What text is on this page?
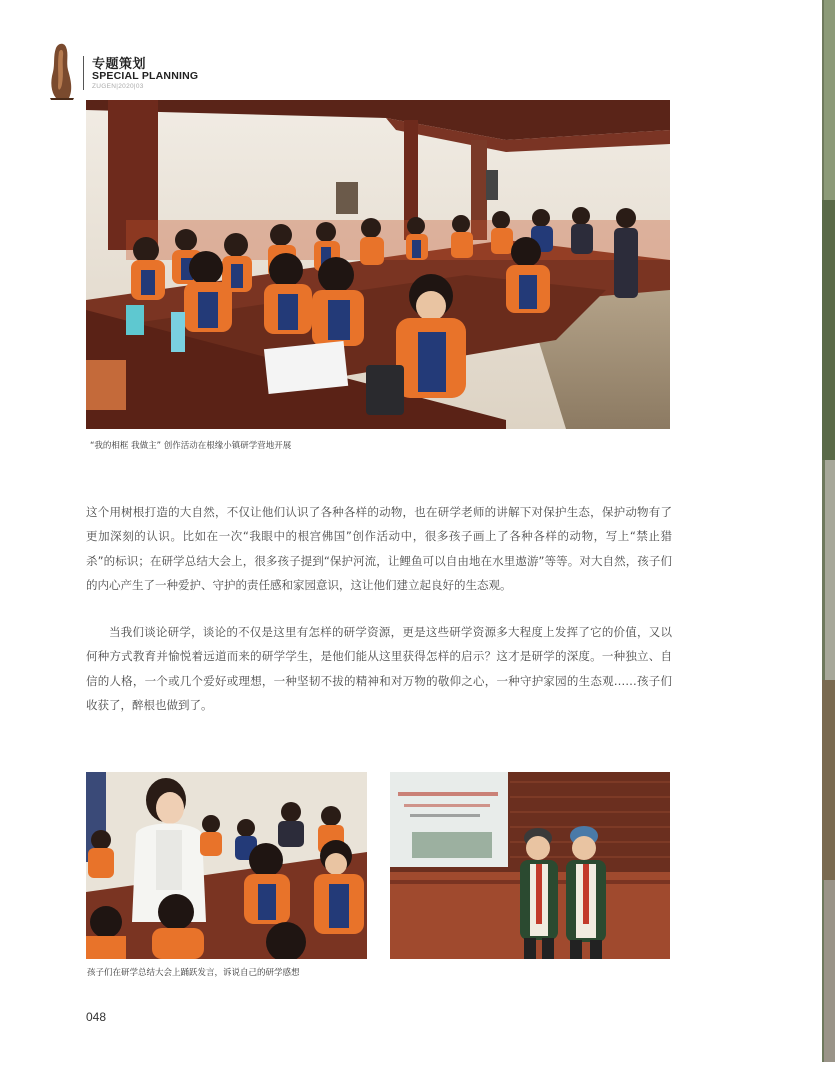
专题策划
SPECIAL PLANNING
ZUGEN|2020|03
“我的相框 我做主” 创作活动在根缘小镇研学营地开展
这个用树根打造的大自然，不仅让他们认识了各种各样的动物，也在研学老师的讲解下对保护生态，保护动物有了更加深刻的认识。比如在一次“我眼中的根宫佛国”创作活动中，很多孩子画上了各种各样的动物，写上“禁止猎杀”的标识；在研学总结大会上，很多孩子提到“保护河流，让鲤鱼可以自由地在水里遨游”等等。对大自然，孩子们的内心产生了一种爱护、守护的责任感和家园意识，这让他们建立起良好的生态观。
当我们谈论研学，谈论的不仅是这里有怎样的研学资源，更是这些研学资源多大程度上发挥了它的价值，又以何种方式教育并愉悦着远道而来的研学学生，是他们能从这里获得怎样的启示？这才是研学的深度。一种独立、自信的人格，一个或几个爱好或理想，一种坚韧不拔的精神和对万物的敬仰之心，一种守护家园的生态观……孩子们收获了，醉根也做到了。
孩子们在研学总结大会上踊跃发言，诉说自己的研学感想
048
